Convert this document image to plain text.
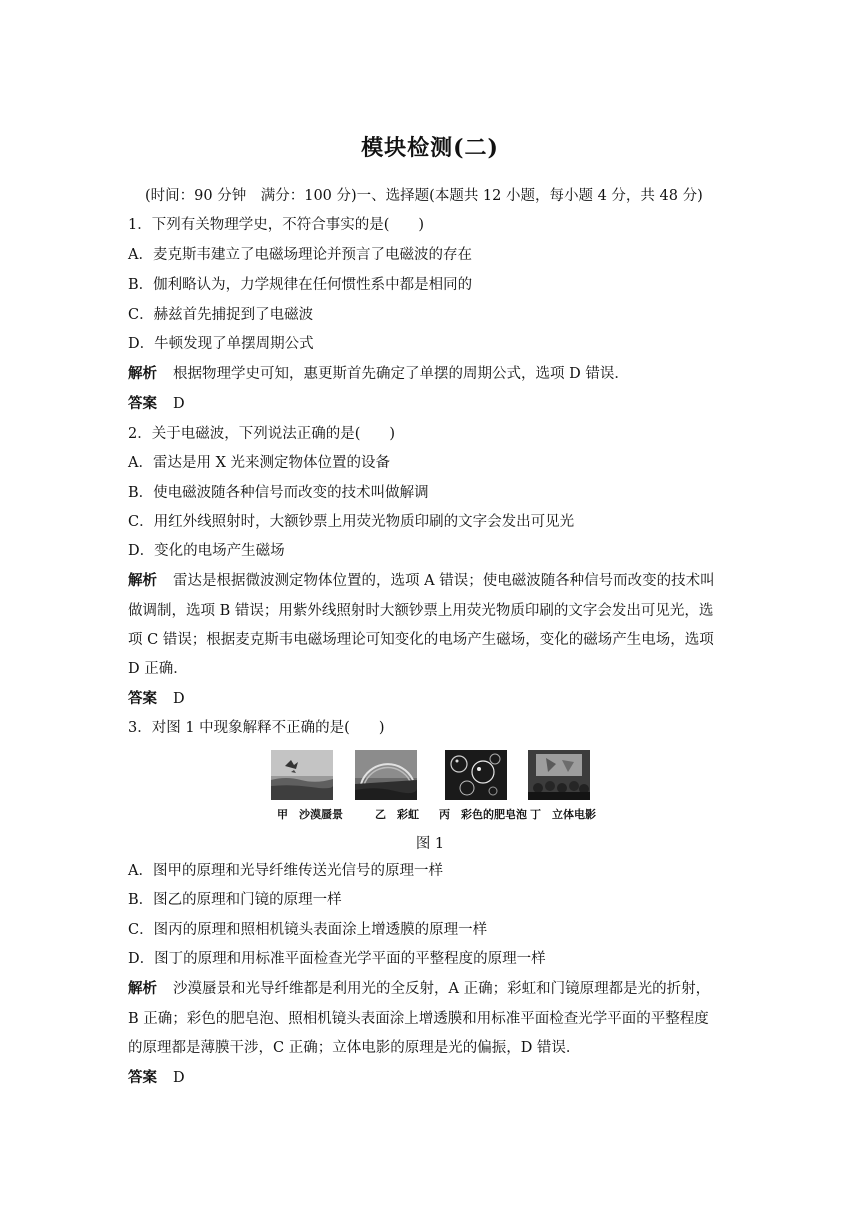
模块检测(二)
(时间：90 分钟　满分：100 分)一、选择题(本题共 12 小题，每小题 4 分，共 48 分)
1．下列有关物理学史，不符合事实的是(　　)
A．麦克斯韦建立了电磁场理论并预言了电磁波的存在
B．伽利略认为，力学规律在任何惯性系中都是相同的
C．赫兹首先捕捉到了电磁波
D．牛顿发现了单摆周期公式
解析 根据物理学史可知，惠更斯首先确定了单摆的周期公式，选项 D 错误．
答案 D
2．关于电磁波，下列说法正确的是(　　)
A．雷达是用 X 光来测定物体位置的设备
B．使电磁波随各种信号而改变的技术叫做解调
C．用红外线照射时，大额钞票上用荧光物质印刷的文字会发出可见光
D．变化的电场产生磁场
解析 雷达是根据微波测定物体位置的，选项 A 错误；使电磁波随各种信号而改变的技术叫
做调制，选项 B 错误；用紫外线照射时大额钞票上用荧光物质印刷的文字会发出可见光，选
项 C 错误；根据麦克斯韦电磁场理论可知变化的电场产生磁场，变化的磁场产生电场，选项
D 正确．
答案 D
3．对图 1 中现象解释不正确的是(　　)
甲　沙漠蜃景	乙　彩虹 丙　彩色的肥皂泡 丁　立体电影
图 1
A．图甲的原理和光导纤维传送光信号的原理一样
B．图乙的原理和门镜的原理一样
C．图丙的原理和照相机镜头表面涂上增透膜的原理一样
D．图丁的原理和用标准平面检查光学平面的平整程度的原理一样
解析 沙漠蜃景和光导纤维都是利用光的全反射，A 正确；彩虹和门镜原理都是光的折射，
B 正确；彩色的肥皂泡、照相机镜头表面涂上增透膜和用标准平面检查光学平面的平整程度
的原理都是薄膜干涉，C 正确；立体电影的原理是光的偏振，D 错误．
答案 D
